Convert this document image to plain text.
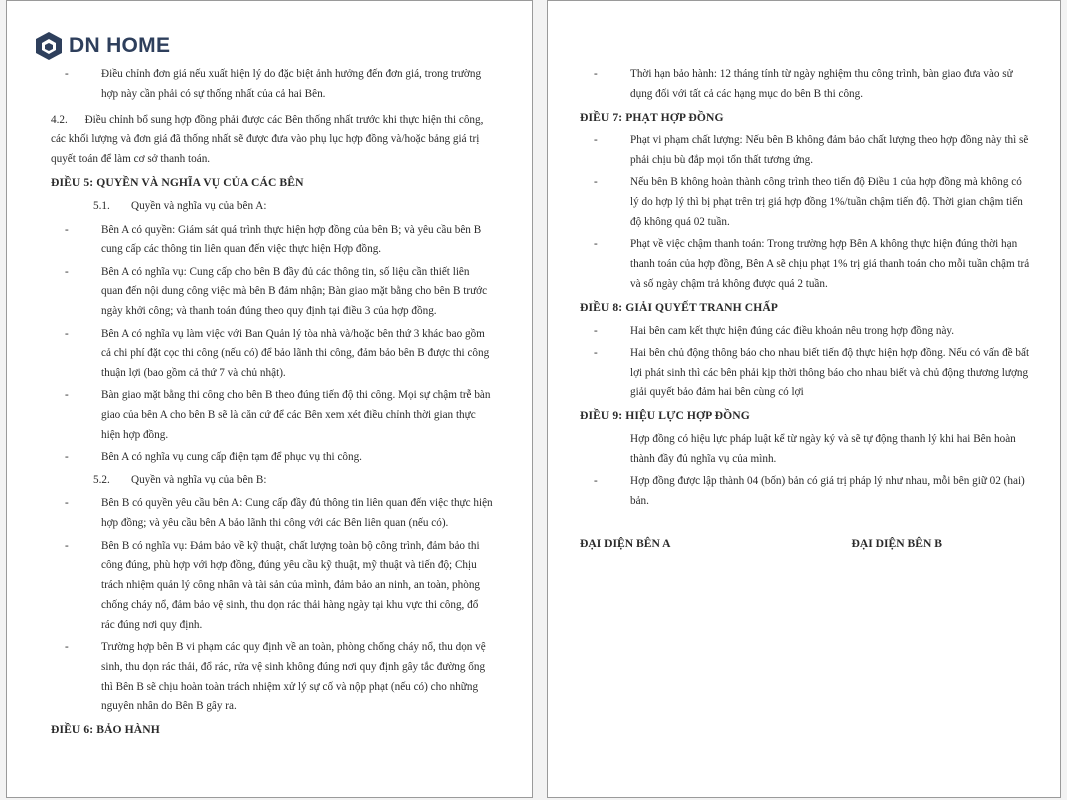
DN HOME
-	Điều chỉnh đơn giá nếu xuất hiện lý do đặc biệt ảnh hưởng đến đơn giá, trong trường hợp này cần phải có sự thống nhất của cả hai Bên.
4.2.      Điều chỉnh bổ sung hợp đồng phải được các Bên thống nhất trước khi thực hiện thi công, các khối lượng và đơn giá đã thống nhất sẽ được đưa vào phụ lục hợp đồng và/hoặc bảng giá trị quyết toán để làm cơ sở thanh toán.
ĐIỀU 5: QUYỀN VÀ NGHĨA VỤ CỦA CÁC BÊN
5.1. Quyền và nghĩa vụ của bên A:
-	Bên A có quyền: Giám sát quá trình thực hiện hợp đồng của bên B; và yêu cầu bên B cung cấp các thông tin liên quan đến việc thực hiện Hợp đồng.
-	Bên A có nghĩa vụ: Cung cấp cho bên B đầy đủ các thông tin, số liệu cần thiết liên quan đến nội dung công việc mà bên B đảm nhận; Bàn giao mặt bằng cho bên B trước ngày khởi công; và thanh toán đúng theo quy định tại điều 3 của hợp đồng.
-	Bên A có nghĩa vụ làm việc với Ban Quản lý tòa nhà và/hoặc bên thứ 3 khác bao gồm cả chi phí đặt cọc thi công (nếu có) để bảo lãnh thi công, đảm bảo bên B được thi công thuận lợi (bao gồm cả thứ 7 và chủ nhật).
-	Bàn giao mặt bằng thi công cho bên B theo đúng tiến độ thi công. Mọi sự chậm trễ bàn giao của bên A cho bên B sẽ là căn cứ để các Bên xem xét điều chỉnh thời gian thực hiện hợp đồng.
-	Bên A có nghĩa vụ cung cấp điện tạm để phục vụ thi công.
5.2. Quyền và nghĩa vụ của bên B:
-	Bên B có quyền yêu cầu bên A: Cung cấp đầy đủ thông tin liên quan đến việc thực hiện hợp đồng; và yêu cầu bên A bảo lãnh thi công với các Bên liên quan (nếu có).
-	Bên B có nghĩa vụ: Đảm bảo về kỹ thuật, chất lượng toàn bộ công trình, đảm bảo thi công đúng, phù hợp với hợp đồng, đúng yêu cầu kỹ thuật, mỹ thuật và tiến độ; Chịu trách nhiệm quản lý công nhân và tài sản của mình, đảm bảo an ninh, an toàn, phòng chống cháy nổ, đảm bảo vệ sinh, thu dọn rác thải hàng ngày tại khu vực thi công, đổ rác đúng nơi quy định.
-	Trường hợp bên B vi phạm các quy định về an toàn, phòng chống cháy nổ, thu dọn vệ sinh, thu dọn rác thải, đổ rác, rửa vệ sinh không đúng nơi quy định gây tắc đường ống thì Bên B sẽ chịu hoàn toàn trách nhiệm xử lý sự cố và nộp phạt (nếu có) cho những nguyên nhân do Bên B gây ra.
ĐIỀU 6: BẢO HÀNH
-	Thời hạn bảo hành: 12 tháng tính từ ngày nghiệm thu công trình, bàn giao đưa vào sử dụng đối với tất cả các hạng mục do bên B thi công.
ĐIỀU 7: PHẠT HỢP ĐỒNG
-	Phạt vi phạm chất lượng: Nếu bên B không đảm bảo chất lượng theo hợp đồng này thì sẽ phải chịu bù đắp mọi tổn thất tương ứng.
-	Nếu bên B không hoàn thành công trình theo tiến độ Điều 1 của hợp đồng mà không có lý do hợp lý thì bị phạt trên trị giá hợp đồng 1%/tuần chậm tiến độ. Thời gian chậm tiến độ không quá 02 tuần.
-	Phạt về việc chậm thanh toán: Trong trường hợp Bên A không thực hiện đúng thời hạn thanh toán của hợp đồng, Bên A sẽ chịu phạt 1% trị giá thanh toán cho mỗi tuần chậm trả và số ngày chậm trả không được quá 2 tuần.
ĐIỀU 8: GIẢI QUYẾT TRANH CHẤP
-	Hai bên cam kết thực hiện đúng các điều khoản nêu trong hợp đồng này.
-	Hai bên chủ động thông báo cho nhau biết tiến độ thực hiện hợp đồng. Nếu có vấn đề bất lợi phát sinh thì các bên phải kịp thời thông báo cho nhau biết và chủ động thương lượng giải quyết bảo đảm hai bên cùng có lợi
ĐIỀU 9: HIỆU LỰC HỢP ĐỒNG
Hợp đồng có hiệu lực pháp luật kể từ ngày ký và sẽ tự động thanh lý khi hai Bên hoàn thành đầy đủ nghĩa vụ của mình.
-	Hợp đồng được lập thành 04 (bốn) bản có giá trị pháp lý như nhau, mỗi bên giữ 02 (hai) bản.
ĐẠI DIỆN BÊN A	ĐẠI DIỆN BÊN B
